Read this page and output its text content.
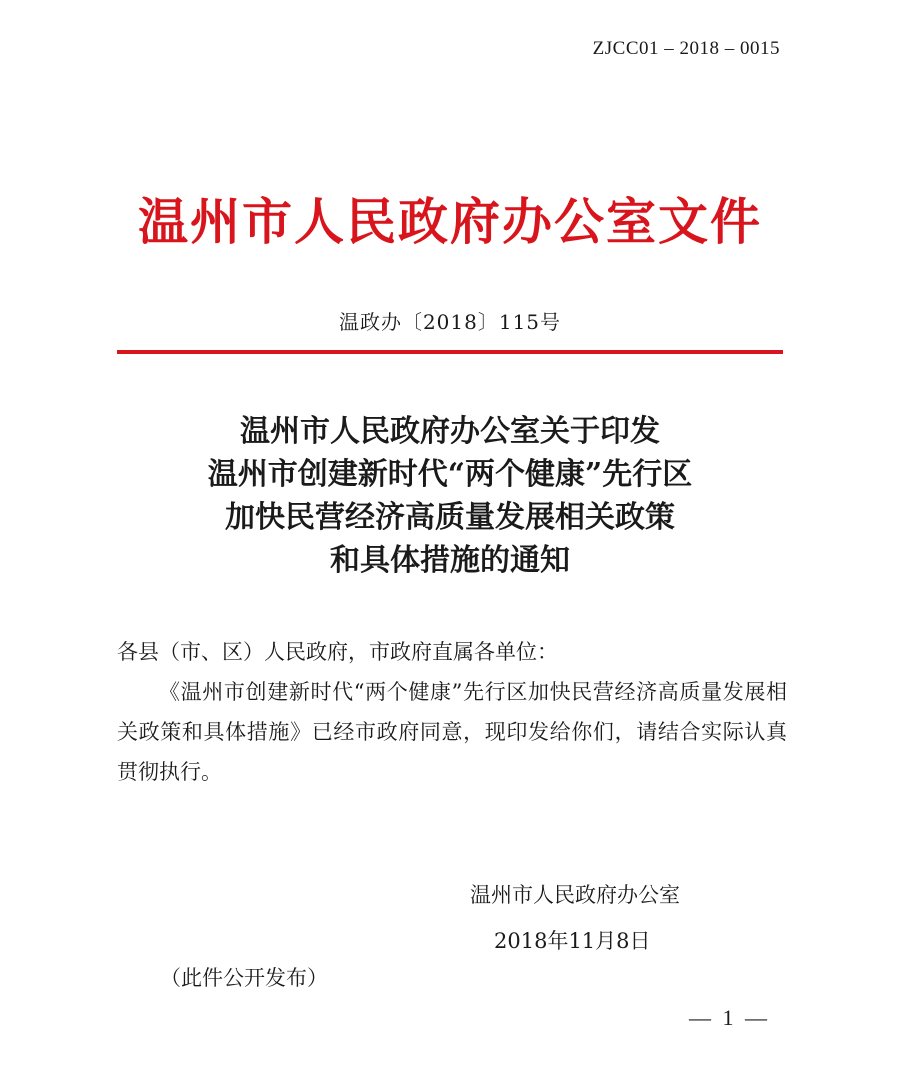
ZJCC01 – 2018 – 0015
温州市人民政府办公室文件
温政办〔2018〕115号
温州市人民政府办公室关于印发
温州市创建新时代“两个健康”先行区
加快民营经济高质量发展相关政策
和具体措施的通知
各县（市、区）人民政府，市政府直属各单位：
《温州市创建新时代“两个健康”先行区加快民营经济高质量发展相关政策和具体措施》已经市政府同意，现印发给你们，请结合实际认真贯彻执行。
温州市人民政府办公室
2018年11月8日
（此件公开发布）
— 1 —
